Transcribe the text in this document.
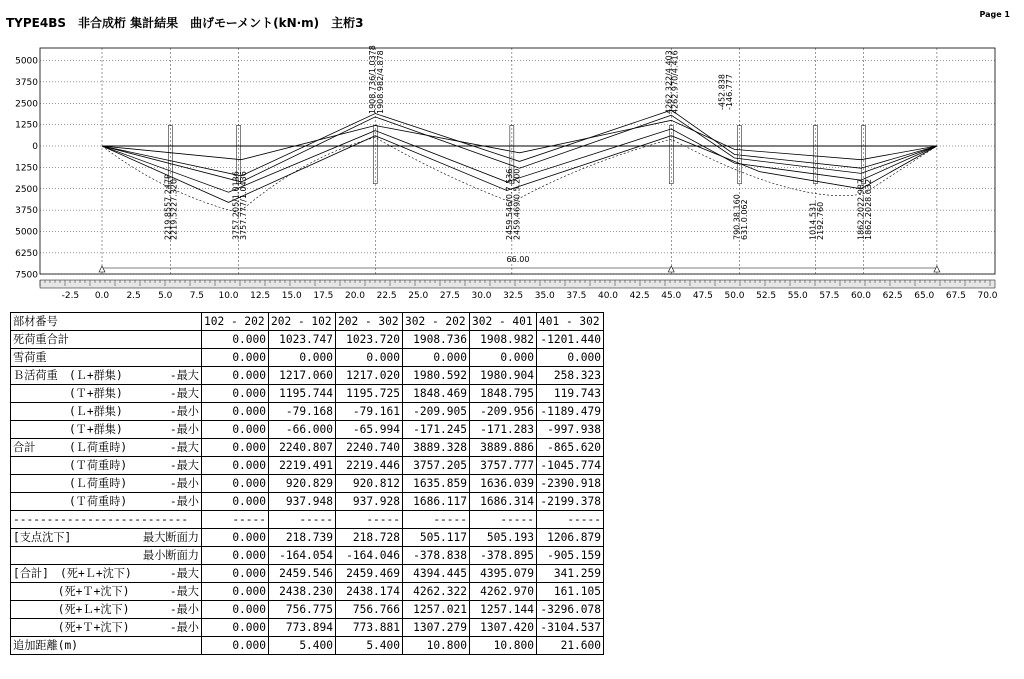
TYPE4BS　非合成桁 集計結果　曲げモーメント(kN·m)　主桁3
Page 1
5000
3750
2500
1250
0
1250
2500
3750
5000
6250
7500
-2.5 0.0 2.5 5.0 7.5 10.0 12.5 15.0 17.5 20.0 22.5 25.0 27.5 30.0 32.5 35.0 37.5 40.0 42.5 45.0 47.5 50.0 52.5 55.0 57.5 60.0 62.5 65.0 67.5 70.0
2219.8557.247P
2219.5227.320	3757.205/1.0136
3757.777/1.0436
1908.736/1.0378
1908.982/4.878
2459.546/0.7.536
2459.469/0.5.200
4262.322/4.403
4262.970/4.416	-452.838
-146.777
790.38.160
631.0.062	1014.531
2192.760	1862.2022.987
1862.2028.032
66.00
部材番号	102 - 202	202 - 102	202 - 302	302 - 202	302 - 401	401 - 302

死荷重合計	0.000	1023.747	1023.720	1908.736	1908.982	-1201.440

雪荷重	0.000	0.000	0.000	0.000	0.000	0.000

Ｂ活荷重　(Ｌ+群集) -最大	0.000	1217.060	1217.020	1980.592	1980.904	258.323

　　　　　(Ｔ+群集) -最大	0.000	1195.744	1195.725	1848.469	1848.795	119.743

　　　　　(Ｌ+群集) -最小	0.000	-79.168	-79.161	-209.905	-209.956	-1189.479

　　　　　(Ｔ+群集) -最小	0.000	-66.000	-65.994	-171.245	-171.283	-997.938

合計　　　(Ｌ荷重時) -最大	0.000	2240.807	2240.740	3889.328	3889.886	-865.620

　　　　　(Ｔ荷重時) -最大	0.000	2219.491	2219.446	3757.205	3757.777	-1045.774

　　　　　(Ｌ荷重時) -最小	0.000	920.829	920.812	1635.859	1636.039	-2390.918

　　　　　(Ｔ荷重時) -最小	0.000	937.948	937.928	1686.117	1686.314	-2199.378

--------------------------	-----	-----	-----	-----	-----	-----

[支点沈下] 最大断面力	0.000	218.739	218.728	505.117	505.193	1206.879

最小断面力	0.000	-164.054	-164.046	-378.838	-378.895	-905.159

[合計]　(死+Ｌ+沈下) -最大	0.000	2459.546	2459.469	4394.445	4395.079	341.259

　　　　(死+Ｔ+沈下) -最大	0.000	2438.230	2438.174	4262.322	4262.970	161.105

　　　　(死+Ｌ+沈下) -最小	0.000	756.775	756.766	1257.021	1257.144	-3296.078

　　　　(死+Ｔ+沈下) -最小	0.000	773.894	773.881	1307.279	1307.420	-3104.537

追加距離(m)	0.000	5.400	5.400	10.800	10.800	21.600
